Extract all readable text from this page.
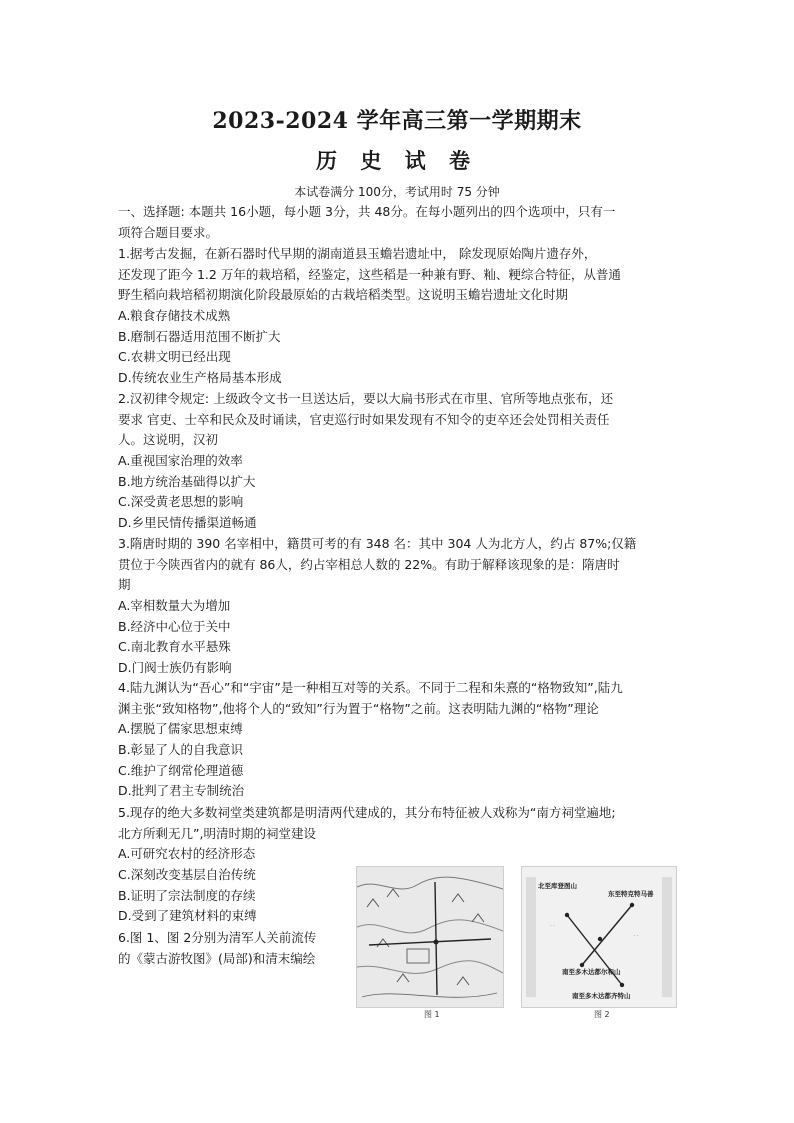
2023-2024 学年高三第一学期期末
历 史 试 卷
本试卷满分 100分，考试用时 75 分钟
一、选择题: 本题共 16小题，每小题 3分，共 48分。在每小题列出的四个选项中，只有一
项符合题目要求。
1.据考古发掘，在新石器时代早期的湖南道县玉蟾岩遗址中， 除发现原始陶片遗存外，
还发现了距今 1.2 万年的栽培稻，经鉴定，这些稻是一种兼有野、籼、粳综合特征，从普通
野生稻向栽培稻初期演化阶段最原始的古栽培稻类型。这说明玉蟾岩遗址文化时期
A.粮食存储技术成熟
B.磨制石器适用范围不断扩大
C.农耕文明已经出现
D.传统农业生产格局基本形成
2.汉初律令规定: 上级政令文书一旦送达后，要以大扁书形式在市里、官所等地点张布，还
要求 官吏、士卒和民众及时诵读，官吏巡行时如果发现有不知令的吏卒还会处罚相关责任
人。这说明，汉初
A.重视国家治理的效率
B.地方统治基础得以扩大
C.深受黄老思想的影响
D.乡里民情传播渠道畅通
3.隋唐时期的 390 名宰相中，籍贯可考的有 348 名：其中 304 人为北方人，约占 87%;仅籍
贯位于今陕西省内的就有 86人，约占宰相总人数的 22%。有助于解释该现象的是：隋唐时
期
A.宰相数量大为增加
B.经济中心位于关中
C.南北教育水平悬殊
D.门阀士族仍有影响
4.陆九渊认为“吾心”和“宇宙”是一种相互对等的关系。不同于二程和朱熹的“格物致知”,陆九
渊主张“致知格物”,他将个人的“致知”行为置于“格物”之前。这表明陆九渊的“格物”理论
A.摆脱了儒家思想束缚
B.彰显了人的自我意识
C.维护了纲常伦理道德
D.批判了君主专制统治
5.现存的绝大多数祠堂类建筑都是明清两代建成的，其分布特征被人戏称为“南方祠堂遍地;
北方所剩无几”,明清时期的祠堂建设
A.可研究农村的经济形态
C.深刻改变基层自治传统
B.证明了宗法制度的存续
D.受到了建筑材料的束缚
6.图 1、图 2分别为清军人关前流传
的《蒙古游牧图》(局部)和清末编绘
图 1
· ·
· ·
北至库登图山
东至特克特马善
南至多木达都尔和山
南至多木达都齐特山
图 2
